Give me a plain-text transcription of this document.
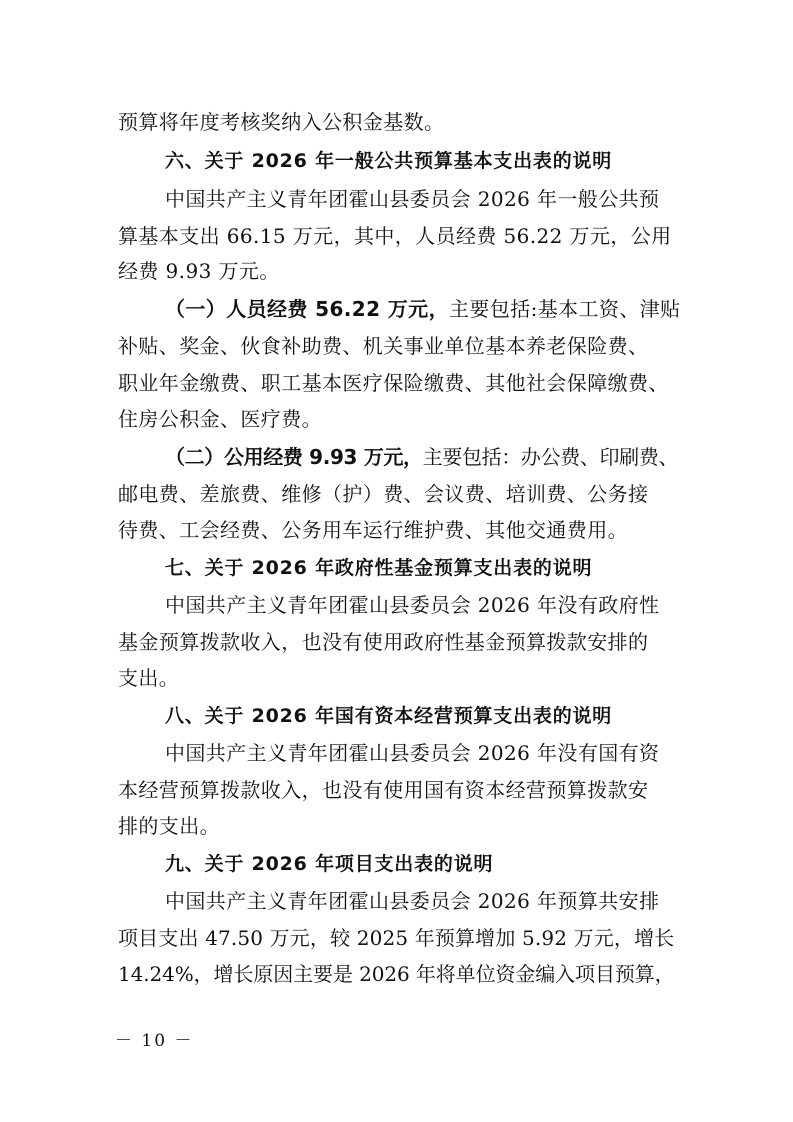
预算将年度考核奖纳入公积金基数。
六、关于 2026 年一般公共预算基本支出表的说明
中国共产主义青年团霍山县委员会 2026 年一般公共预
算基本支出 66.15 万元，其中，人员经费 56.22 万元，公用
经费 9.93 万元。
（一）人员经费 56.22 万元，主要包括:基本工资、津贴
补贴、奖金、伙食补助费、机关事业单位基本养老保险费、
职业年金缴费、职工基本医疗保险缴费、其他社会保障缴费、
住房公积金、医疗费。
（二）公用经费 9.93 万元，主要包括：办公费、印刷费、
邮电费、差旅费、维修（护）费、会议费、培训费、公务接
待费、工会经费、公务用车运行维护费、其他交通费用。
七、关于 2026 年政府性基金预算支出表的说明
中国共产主义青年团霍山县委员会 2026 年没有政府性
基金预算拨款收入，也没有使用政府性基金预算拨款安排的
支出。
八、关于 2026 年国有资本经营预算支出表的说明
中国共产主义青年团霍山县委员会 2026 年没有国有资
本经营预算拨款收入，也没有使用国有资本经营预算拨款安
排的支出。
九、关于 2026 年项目支出表的说明
中国共产主义青年团霍山县委员会 2026 年预算共安排
项目支出 47.50 万元，较 2025 年预算增加 5.92 万元，增长
14.24%，增长原因主要是 2026 年将单位资金编入项目预算，
－ 10 －
